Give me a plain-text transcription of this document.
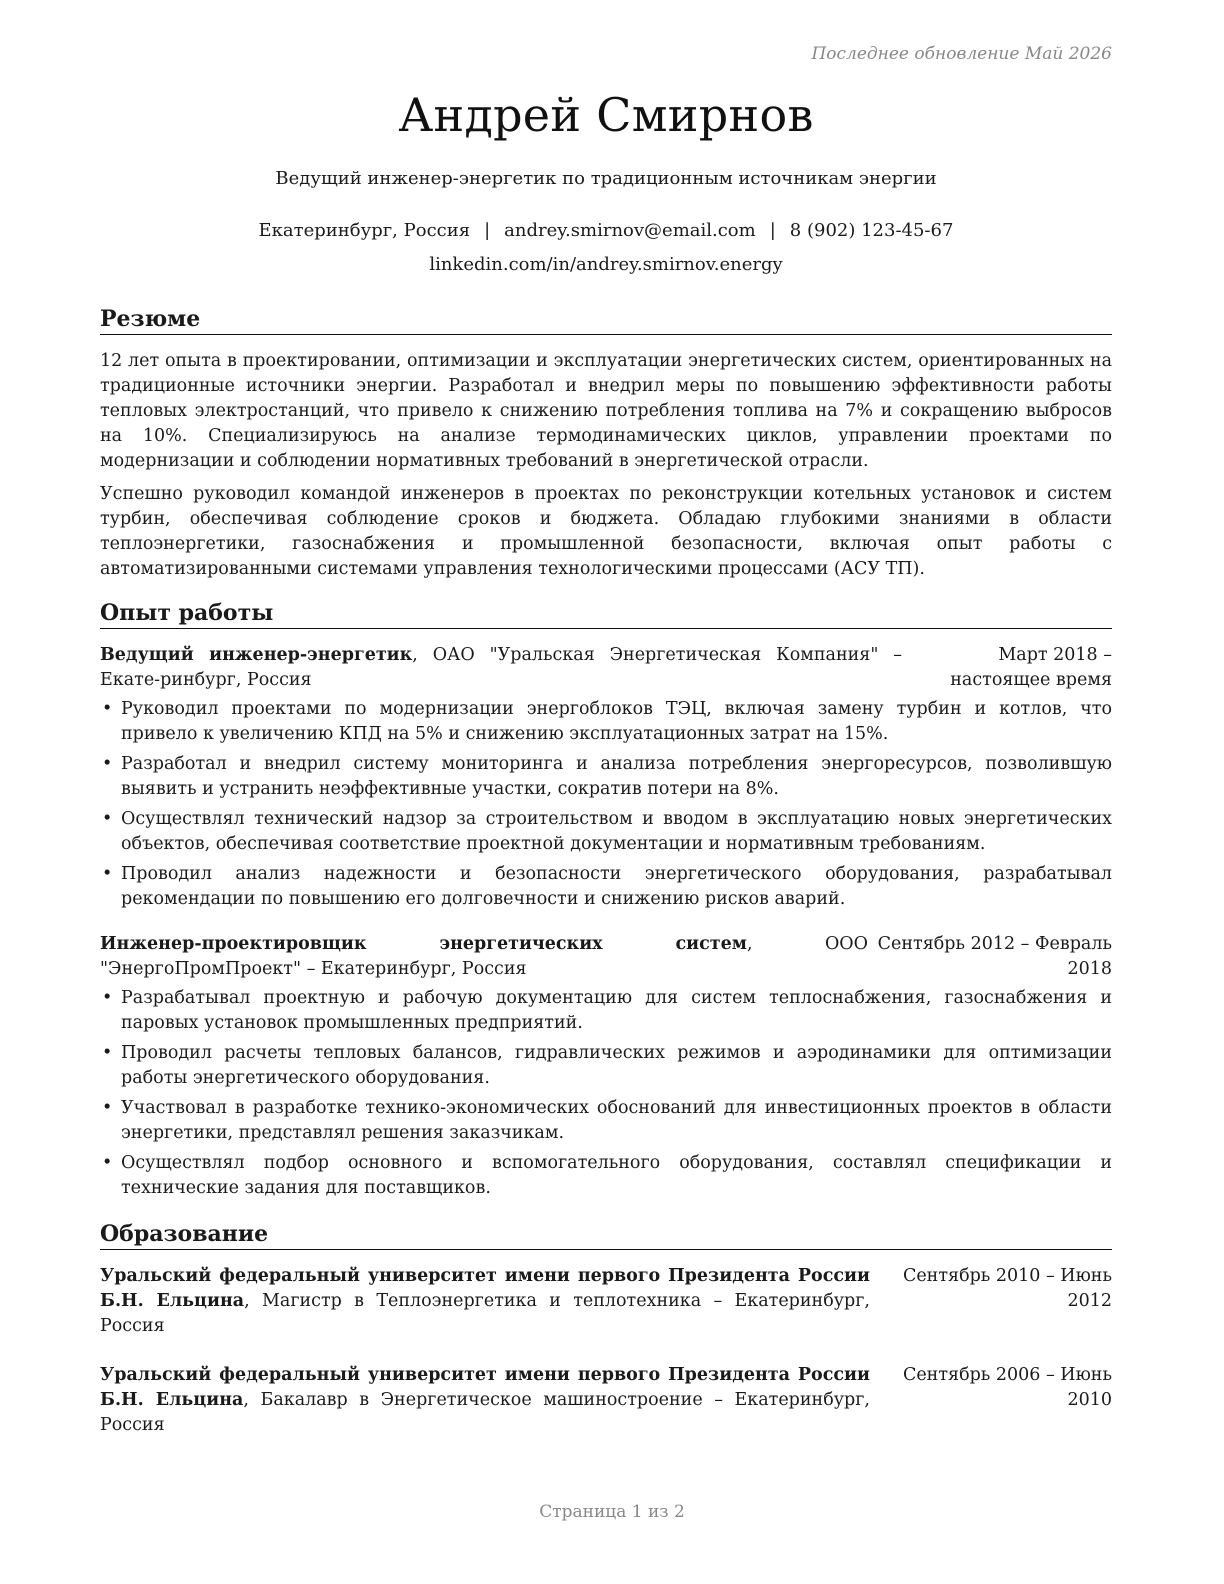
Последнее обновление Май 2026
Андрей Смирнов
Ведущий инженер-энергетик по традиционным источникам энергии
Екатеринбург, Россия | andrey.smirnov@email.com | 8 (902) 123-45-67
linkedin.com/in/andrey.smirnov.energy
Резюме

12 лет опыта в проектировании, оптимизации и эксплуатации энергетических систем, ориентированных на традиционные источники энергии. Разработал и внедрил меры по повышению эффективности работы тепловых электростанций, что привело к снижению потребления топлива на 7% и сокращению выбросов на 10%. Специализируюсь на анализе термодинамических циклов, управлении проектами по модернизации и соблюдении нормативных требований в энергетической отрасли.

Успешно руководил командой инженеров в проектах по реконструкции котельных установок и систем турбин, обеспечивая соблюдение сроков и бюджета. Обладаю глубокими знаниями в области теплоэнергетики, газоснабжения и промышленной безопасности, включая опыт работы с автоматизированными системами управления технологическими процессами (АСУ ТП).

Опыт работы
Ведущий инженер-энергетик, ОАО "Уральская Энергетическая Компания" – Екате-ринбург, Россия
Март 2018 – настоящее время
• Руководил проектами по модернизации энергоблоков ТЭЦ, включая замену турбин и котлов, что привело к увеличению КПД на 5% и снижению эксплуатационных затрат на 15%.
• Разработал и внедрил систему мониторинга и анализа потребления энергоресурсов, позволившую выявить и устранить неэффективные участки, сократив потери на 8%.
• Осуществлял технический надзор за строительством и вводом в эксплуатацию новых энергетических объектов, обеспечивая соответствие проектной документации и нормативным требованиям.
• Проводил анализ надежности и безопасности энергетического оборудования, разрабатывал рекомендации по повышению его долговечности и снижению рисков аварий.
Инженер-проектировщик энергетических систем, ООО "ЭнергоПромПроект" – Екатеринбург, Россия
Сентябрь 2012 – Февраль 2018
• Разрабатывал проектную и рабочую документацию для систем теплоснабжения, газоснабжения и паровых установок промышленных предприятий.
• Проводил расчеты тепловых балансов, гидравлических режимов и аэродинамики для оптимизации работы энергетического оборудования.
• Участвовал в разработке технико-экономических обоснований для инвестиционных проектов в области энергетики, представлял решения заказчикам.
• Осуществлял подбор основного и вспомогательного оборудования, составлял спецификации и технические задания для поставщиков.
Образование
Уральский федеральный университет имени первого Президента России Б.Н. Ельцина, Магистр в Теплоэнергетика и теплотехника – Екатеринбург, Россия
Сентябрь 2010 – Июнь 2012
Уральский федеральный университет имени первого Президента России Б.Н. Ельцина, Бакалавр в Энергетическое машиностроение – Екатеринбург, Россия
Сентябрь 2006 – Июнь 2010
Страница 1 из 2
